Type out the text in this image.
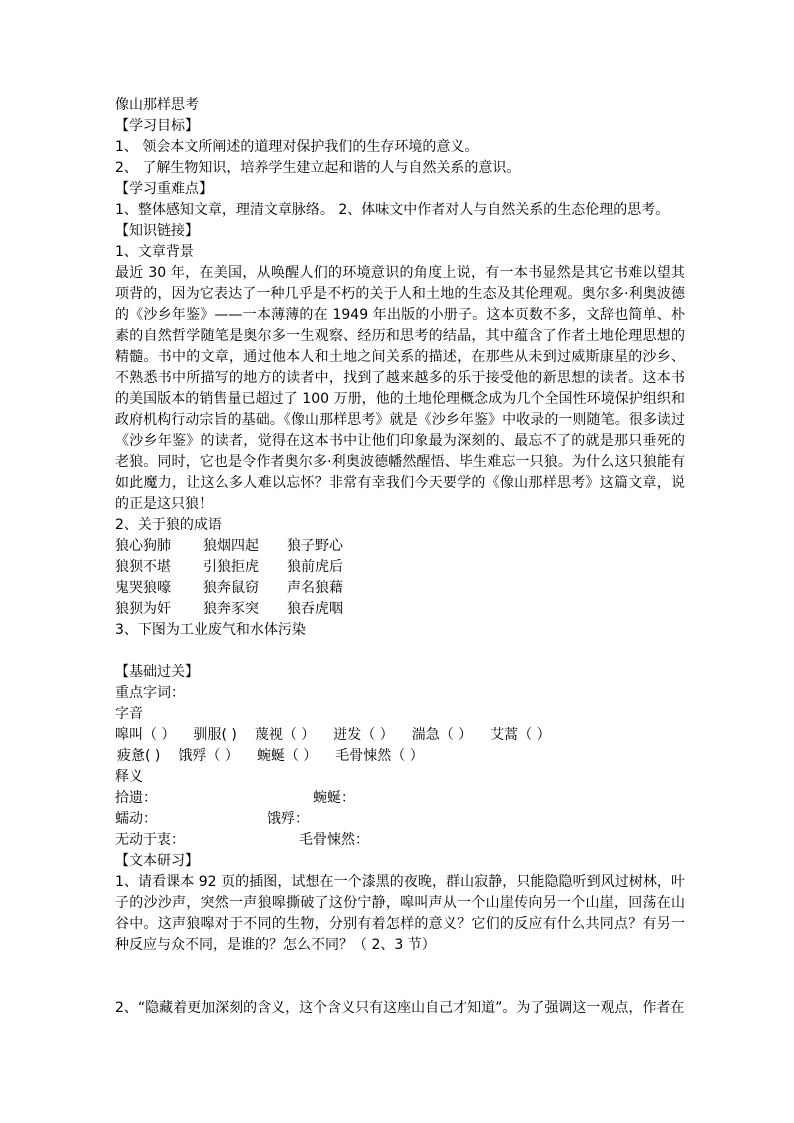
像山那样思考
【学习目标】
1、 领会本文所阐述的道理对保护我们的生存环境的意义。
2、 了解生物知识，培养学生建立起和谐的人与自然关系的意识。
【学习重难点】
1、整体感知文章，理清文章脉络。 2、体味文中作者对人与自然关系的生态伦理的思考。
【知识链接】
1、文章背景
最近 30 年，在美国，从唤醒人们的环境意识的角度上说，有一本书显然是其它书难以望其项背的，因为它表达了一种几乎是不朽的关于人和土地的生态及其伦理观。奥尔多·利奥波德的《沙乡年鉴》——一本薄薄的在 1949 年出版的小册子。这本页数不多，文辞也简单、朴素的自然哲学随笔是奥尔多一生观察、经历和思考的结晶，其中蕴含了作者土地伦理思想的精髓。书中的文章，通过他本人和土地之间关系的描述，在那些从未到过威斯康星的沙乡、不熟悉书中所描写的地方的读者中，找到了越来越多的乐于接受他的新思想的读者。这本书的美国版本的销售量已超过了 100 万册，他的土地伦理概念成为几个全国性环境保护组织和政府机构行动宗旨的基础。《像山那样思考》就是《沙乡年鉴》中收录的一则随笔。很多读过《沙乡年鉴》的读者，觉得在这本书中让他们印象最为深刻的、最忘不了的就是那只垂死的老狼。同时，它也是令作者奥尔多·利奥波德幡然醒悟、毕生难忘一只狼。为什么这只狼能有如此魔力，让这么多人难以忘怀？非常有幸我们今天要学的《像山那样思考》这篇文章，说的正是这只狼！
2、关于狼的成语
狼心狗肺	狼烟四起	狼子野心
狼狈不堪	引狼拒虎	狼前虎后
鬼哭狼嚎	狼奔鼠窃	声名狼藉
狼狈为奸	狼奔豕突	狼吞虎咽
3、下图为工业废气和水体污染
【基础过关】
重点字词：
字音
嗥叫（ ） 驯服( ) 蔑视（ ） 迸发（ ） 湍急（ ） 艾蒿（ ）
疲惫( ) 饿殍（ ） 蜿蜒（ ） 毛骨悚然（ ）
释义
拾遗：	蜿蜒：
蠕动：	饿殍：
无动于衷：	毛骨悚然：
【文本研习】
1、请看课本 92 页的插图，试想在一个漆黑的夜晚，群山寂静，只能隐隐听到风过树林，叶子的沙沙声，突然一声狼嗥撕破了这份宁静，嗥叫声从一个山崖传向另一个山崖，回荡在山谷中。这声狼嗥对于不同的生物，分别有着怎样的意义？它们的反应有什么共同点？有另一种反应与众不同，是谁的？怎么不同？（ 2、3 节）
2、“隐藏着更加深刻的含义，这个含义只有这座山自己才知道”。为了强调这一观点，作者在
